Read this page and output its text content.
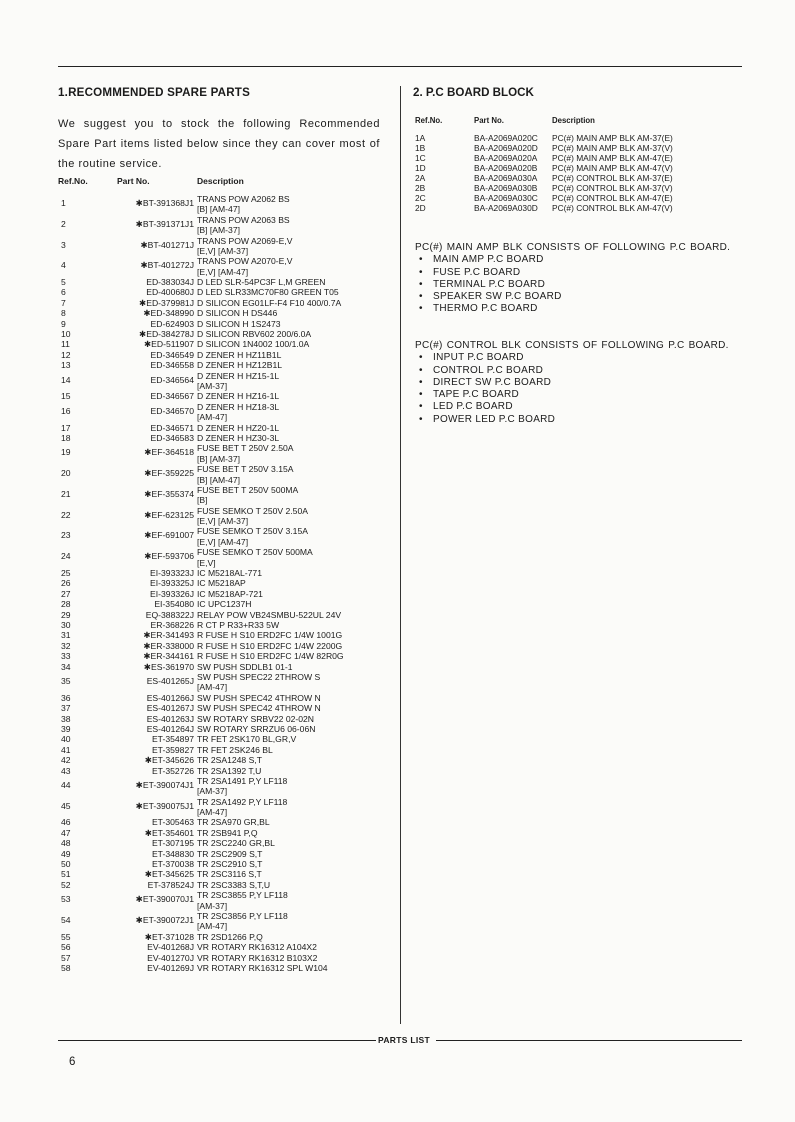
1.RECOMMENDED SPARE PARTS
We suggest you to stock the following Recommended Spare Part items listed below since they can cover most of the routine service.
Ref.No.	Part No.	Description
1	✱BT-391368J1 TRANS POW A2062 BS
[B] [AM-47]
2	✱BT-391371J1 TRANS POW A2063 BS
[B] [AM-37]
3	✱BT-401271J TRANS POW A2069-E,V
[E,V] [AM-37]
4	✱BT-401272J TRANS POW A2070-E,V
[E,V] [AM-47]
5	ED-383034J D LED SLR-54PC3F L,M GREEN
6	ED-400680J D LED SLR33MC70F80 GREEN T05
7	✱ED-379981J D SILICON EG01LF-F4 F10 400/0.7A
8	✱ED-348990 D SILICON H DS446
9	ED-624903 D SILICON H 1S2473
10	✱ED-384278J D SILICON RBV602 200/6.0A
11	✱ED-511907 D SILICON 1N4002 100/1.0A
12	ED-346549 D ZENER H HZ11B1L
13	ED-346558 D ZENER H HZ12B1L
14	ED-346564 D ZENER H HZ15-1L
[AM-37]
15	ED-346567 D ZENER H HZ16-1L
16	ED-346570 D ZENER H HZ18-3L
[AM-47]
17	ED-346571 D ZENER H HZ20-1L
18	ED-346583 D ZENER H HZ30-3L
19	✱EF-364518 FUSE BET T 250V 2.50A
[B] [AM-37]
20	✱EF-359225 FUSE BET T 250V 3.15A
[B] [AM-47]
21	✱EF-355374 FUSE BET T 250V 500MA
[B]
22	✱EF-623125 FUSE SEMKO T 250V 2.50A
[E,V] [AM-37]
23	✱EF-691007 FUSE SEMKO T 250V 3.15A
[E,V] [AM-47]
24	✱EF-593706 FUSE SEMKO T 250V 500MA
[E,V]
25	EI-393323J IC M5218AL-771
26	EI-393325J IC M5218AP
27	EI-393326J IC M5218AP-721
28	EI-354080 IC UPC1237H
29	EQ-388322J RELAY POW VB24SMBU-522UL 24V
30	ER-368226 R CT P R33+R33 5W
31	✱ER-341493 R FUSE H S10 ERD2FC 1/4W 1001G
32	✱ER-338000 R FUSE H S10 ERD2FC 1/4W 2200G
33	✱ER-344161 R FUSE H S10 ERD2FC 1/4W 82R0G
34	✱ES-361970 SW PUSH SDDLB1 01-1
35	ES-401265J SW PUSH SPEC22 2THROW S
[AM-47]
36	ES-401266J SW PUSH SPEC42 4THROW N
37	ES-401267J SW PUSH SPEC42 4THROW N
38	ES-401263J SW ROTARY SRBV22 02-02N
39	ES-401264J SW ROTARY SRRZU6 06-06N
40	ET-354897 TR FET 2SK170 BL,GR,V
41	ET-359827 TR FET 2SK246 BL
42	✱ET-345626 TR 2SA1248 S,T
43	ET-352726 TR 2SA1392 T,U
44	✱ET-390074J1 TR 2SA1491 P,Y LF118
[AM-37]
45	✱ET-390075J1 TR 2SA1492 P,Y LF118
[AM-47]
46	ET-305463 TR 2SA970 GR,BL
47	✱ET-354601 TR 2SB941 P,Q
48	ET-307195 TR 2SC2240 GR,BL
49	ET-348830 TR 2SC2909 S,T
50	ET-370038 TR 2SC2910 S,T
51	✱ET-345625 TR 2SC3116 S,T
52	ET-378524J TR 2SC3383 S,T,U
53	✱ET-390070J1 TR 2SC3855 P,Y LF118
[AM-37]
54	✱ET-390072J1 TR 2SC3856 P,Y LF118
[AM-47]
55	✱ET-371028 TR 2SD1266 P,Q
56	EV-401268J VR ROTARY RK16312 A104X2
57	EV-401270J VR ROTARY RK16312 B103X2
58	EV-401269J VR ROTARY RK16312 SPL W104
2. P.C BOARD BLOCK
Ref.No.	Part No.	Description
1A	BA-A2069A020C PC(#) MAIN AMP BLK AM-37(E)
1B	BA-A2069A020D PC(#) MAIN AMP BLK AM-37(V)
1C	BA-A2069A020A PC(#) MAIN AMP BLK AM-47(E)
1D	BA-A2069A020B PC(#) MAIN AMP BLK AM-47(V)
2A	BA-A2069A030A PC(#) CONTROL BLK AM-37(E)
2B	BA-A2069A030B PC(#) CONTROL BLK AM-37(V)
2C	BA-A2069A030C PC(#) CONTROL BLK AM-47(E)
2D	BA-A2069A030D PC(#) CONTROL BLK AM-47(V)
PC(#) MAIN AMP BLK CONSISTS OF FOLLOWING P.C BOARD.
• MAIN AMP P.C BOARD
• FUSE P.C BOARD
• TERMINAL P.C BOARD
• SPEAKER SW P.C BOARD
• THERMO P.C BOARD
PC(#) CONTROL BLK CONSISTS OF FOLLOWING P.C BOARD.
• INPUT P.C BOARD
• CONTROL P.C BOARD
• DIRECT SW P.C BOARD
• TAPE P.C BOARD
• LED P.C BOARD
• POWER LED P.C BOARD
PARTS LIST
6
